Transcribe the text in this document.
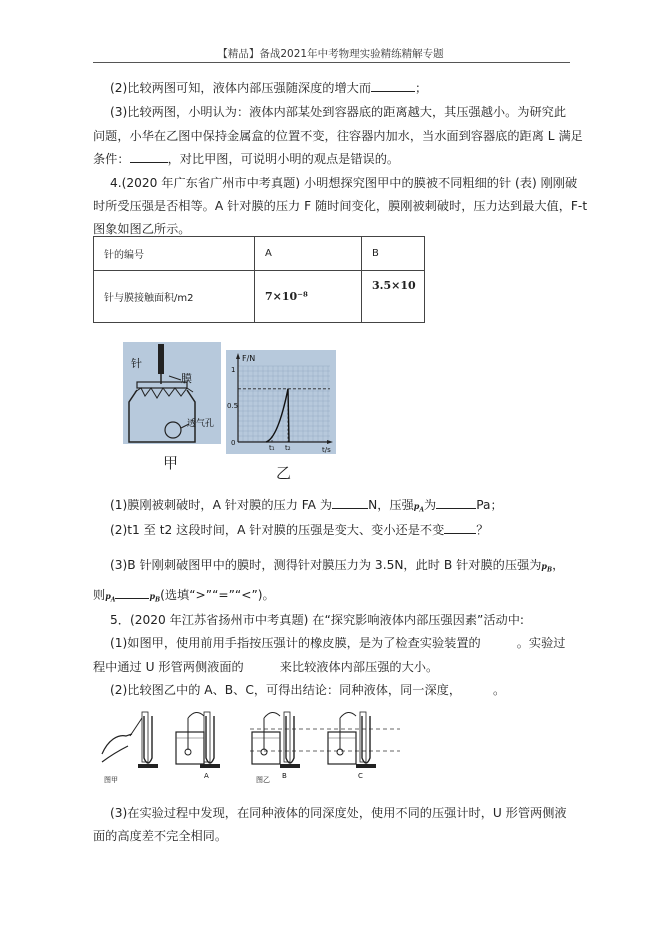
【精品】备战2021年中考物理实验精练精解专题
(2)比较两图可知，液体内部压强随深度的增大而	；
(3)比较两图，小明认为：液体内部某处到容器底的距离越大，其压强越小。为研究此
问题，小华在乙图中保持金属盒的位置不变，往容器内加水，当水面到容器底的距离 L 满足
条件：	，对比甲图，可说明小明的观点是错误的。
4.(2020 年广东省广州市中考真题) 小明想探究图甲中的膜被不同粗细的针 (表) 刚刚破
时所受压强是否相等。A 针对膜的压力 F 随时间变化，膜刚被刺破时，压力达到最大值，F-t
图象如图乙所示。
针的编号	A	B
针与膜接触面积/m2	7×10⁻⁸	3.5×10
针
膜
透气孔
甲
F/N
t/s
1
0.5
0
t₁ t₂
乙
(1)膜刚被刺破时，A 针对膜的压力 FA 为	N，压强$p_A$为	Pa；
(2)t1 至 t2 这段时间，A 针对膜的压强是变大、变小还是不变	？
(3)B 针刚刺破图甲中的膜时，测得针对膜压力为 3.5N，此时 B 针对膜的压强为$p_B$，
则$p_A$	$p_B$(选填“>”“=”“<”)。
5．(2020 年江苏省扬州市中考真题) 在“探究影响液体内部压强因素”活动中:
(1)如图甲，使用前用手指按压强计的橡皮膜，是为了检查实验装置的	。实验过
程中通过 U 形管两侧液面的	来比较液体内部压强的大小。
(2)比较图乙中的 A、B、C，可得出结论：同种液体，同一深度，	。
图甲	A	图乙 B	C
(3)在实验过程中发现，在同种液体的同深度处，使用不同的压强计时，U 形管两侧液
面的高度差不完全相同。
